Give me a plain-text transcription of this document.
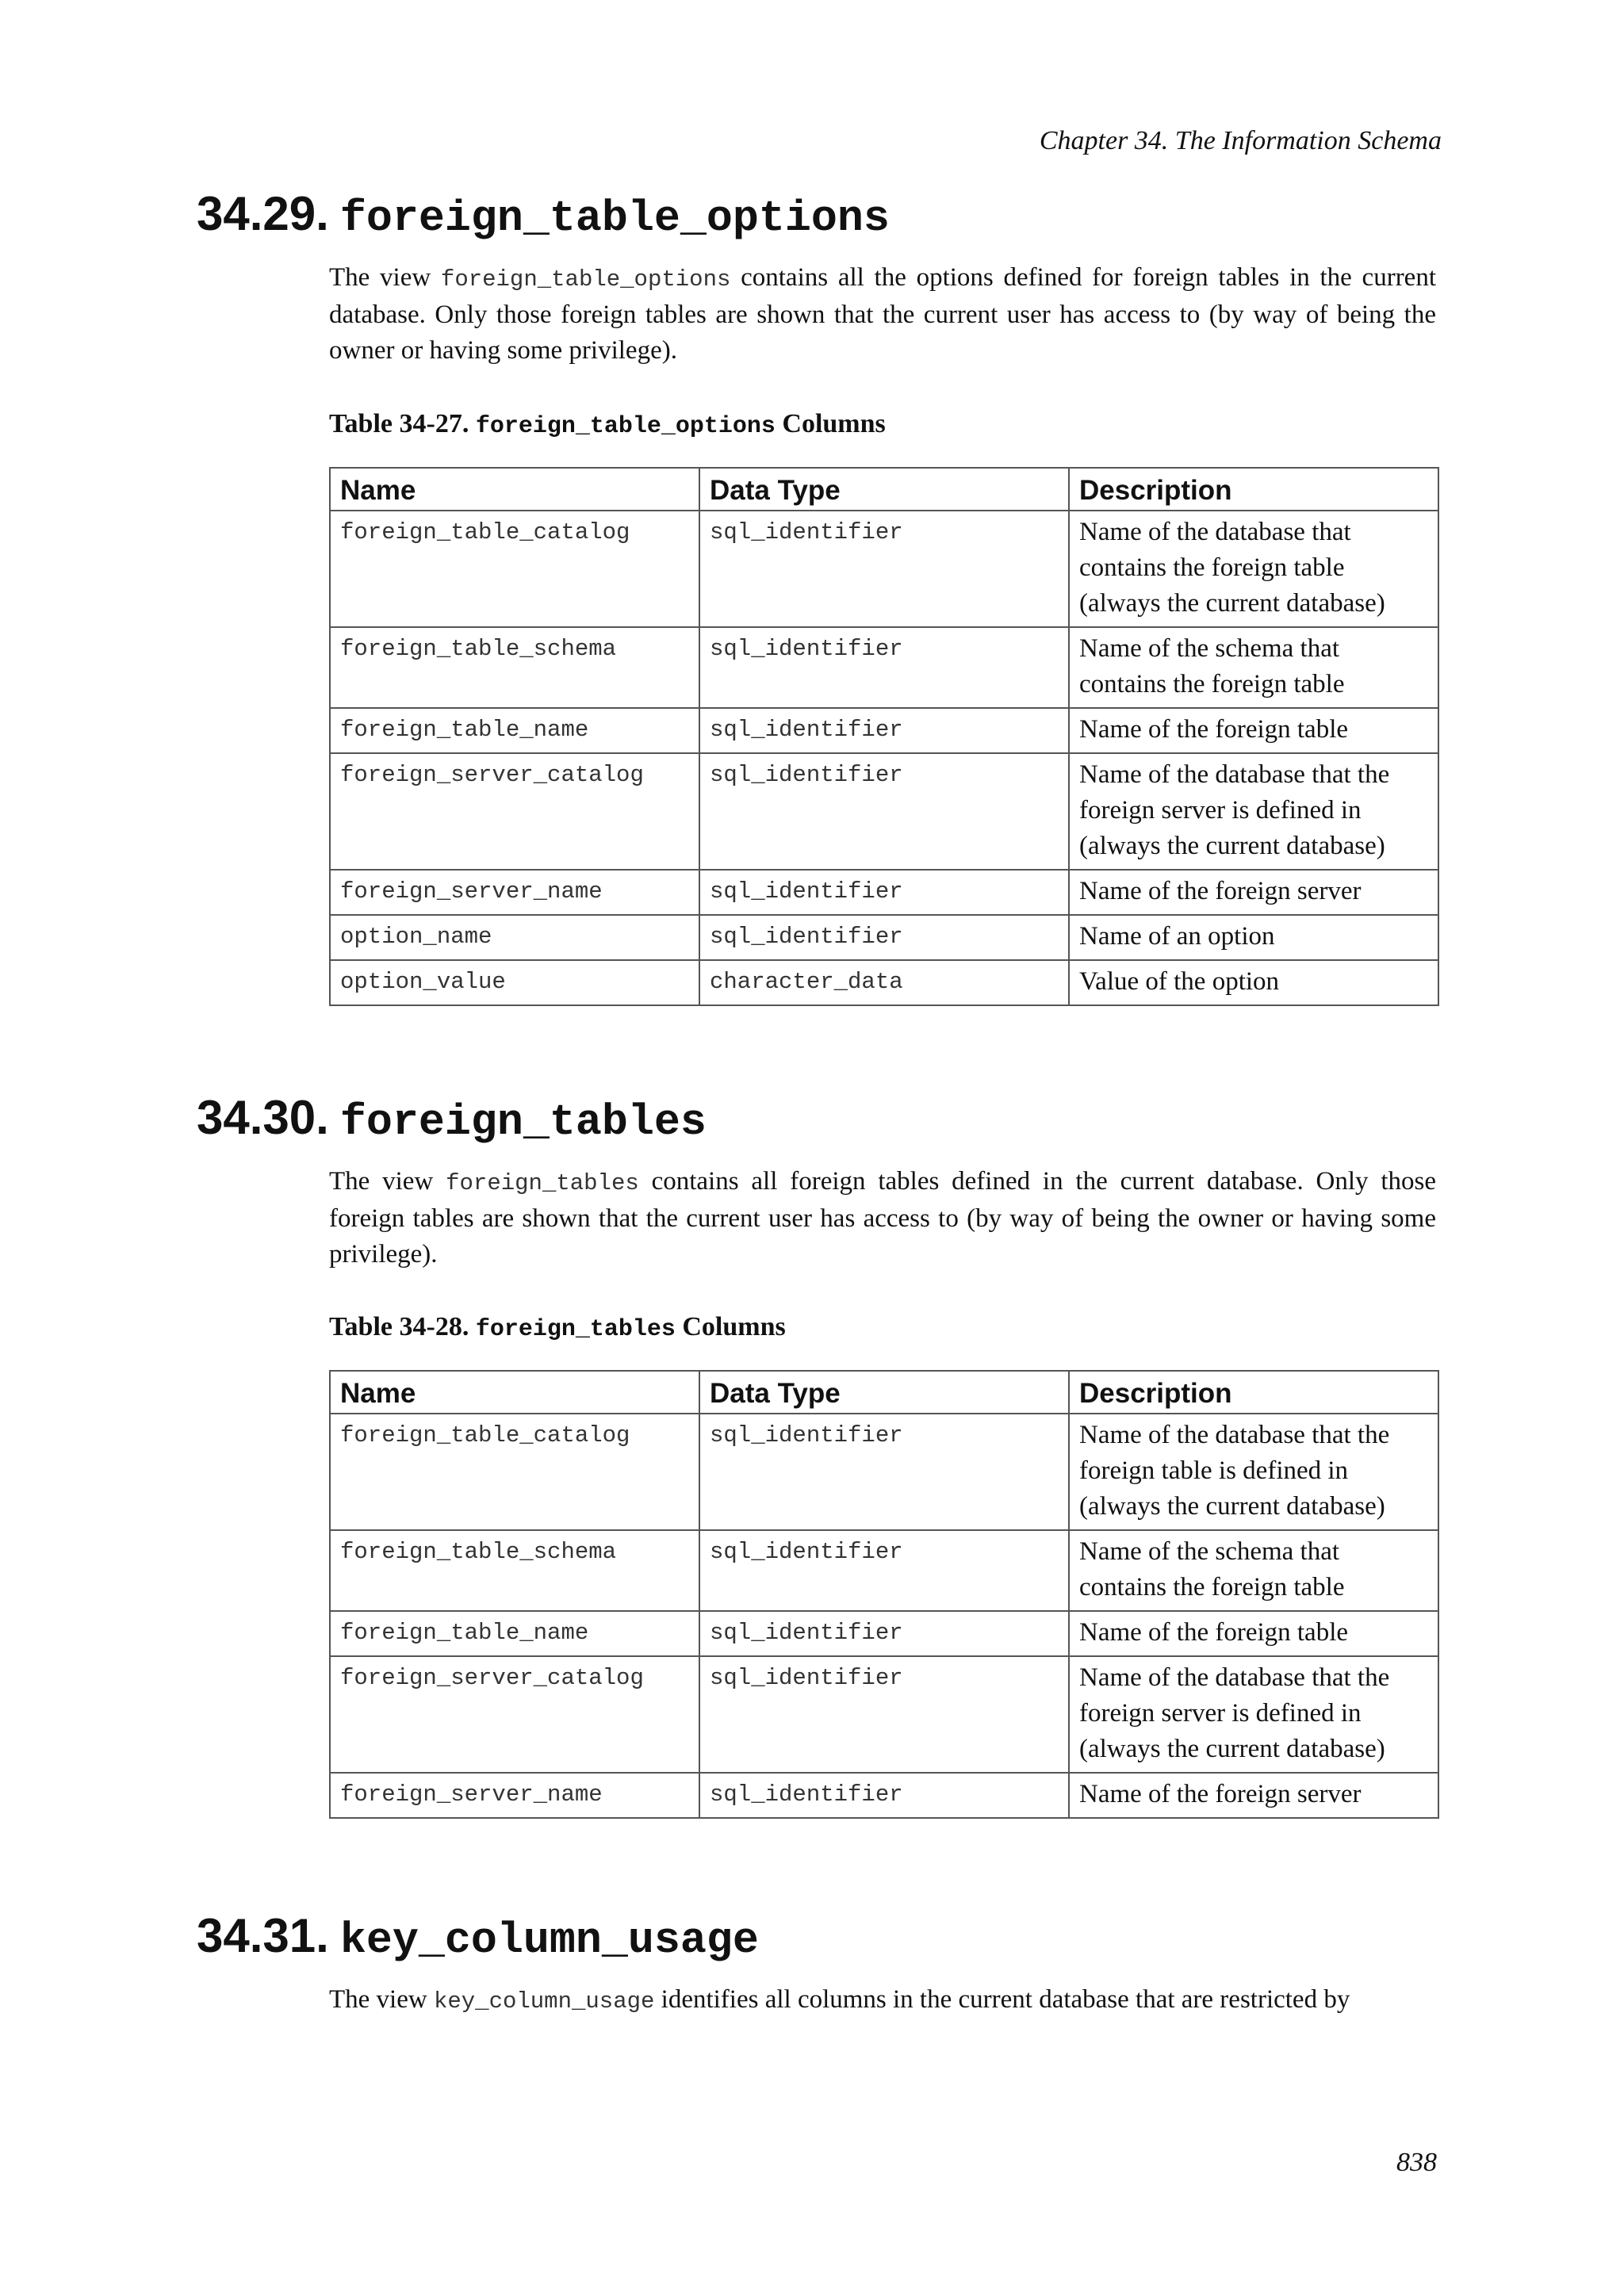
Chapter 34. The Information Schema
34.29. foreign_table_options

The view foreign_table_options contains all the options defined for foreign tables in the current database. Only those foreign tables are shown that the current user has access to (by way of being the owner or having some privilege).

Table 34-27. foreign_table_options Columns

Name	Data Type	Description
foreign_table_catalog	sql_identifier	Name of the database that contains the foreign table (always the current database)
foreign_table_schema	sql_identifier	Name of the schema that contains the foreign table
foreign_table_name	sql_identifier	Name of the foreign table
foreign_server_catalog	sql_identifier	Name of the database that the foreign server is defined in (always the current database)
foreign_server_name	sql_identifier	Name of the foreign server
option_name	sql_identifier	Name of an option
option_value	character_data	Value of the option
34.30. foreign_tables

The view foreign_tables contains all foreign tables defined in the current database. Only those foreign tables are shown that the current user has access to (by way of being the owner or having some privilege).

Table 34-28. foreign_tables Columns

Name	Data Type	Description
foreign_table_catalog	sql_identifier	Name of the database that the foreign table is defined in (always the current database)
foreign_table_schema	sql_identifier	Name of the schema that contains the foreign table
foreign_table_name	sql_identifier	Name of the foreign table
foreign_server_catalog	sql_identifier	Name of the database that the foreign server is defined in (always the current database)
foreign_server_name	sql_identifier	Name of the foreign server
34.31. key_column_usage

The view key_column_usage identifies all columns in the current database that are restricted by

838
